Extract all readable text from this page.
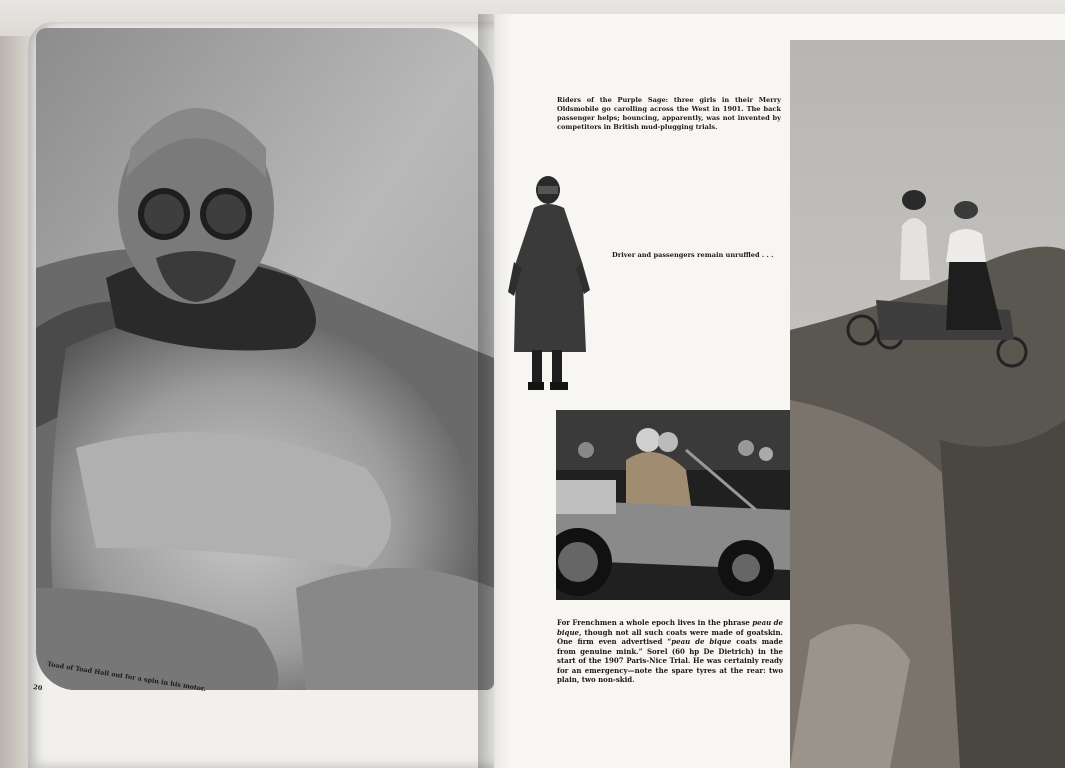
Riders of the Purple Sage: three girls in their Merry Oldsmobile go carolling across the West in 1901. The back passenger helps; bouncing, apparently, was not invented by competitors in British mud-plugging trials.
Driver and passengers remain unruffled . . .
For Frenchmen a whole epoch lives in the phrase peau de bique, though not all such coats were made of goatskin. One firm even advertised “peau de bique coats made from genuine mink.” Sorel (60 hp De Dietrich) in the start of the 1907 Paris-Nice Trial. He was certainly ready for an emergency—note the spare tyres at the rear: two plain, two non-skid.
Toad of Toad Hall out for a spin in his motor.
20
